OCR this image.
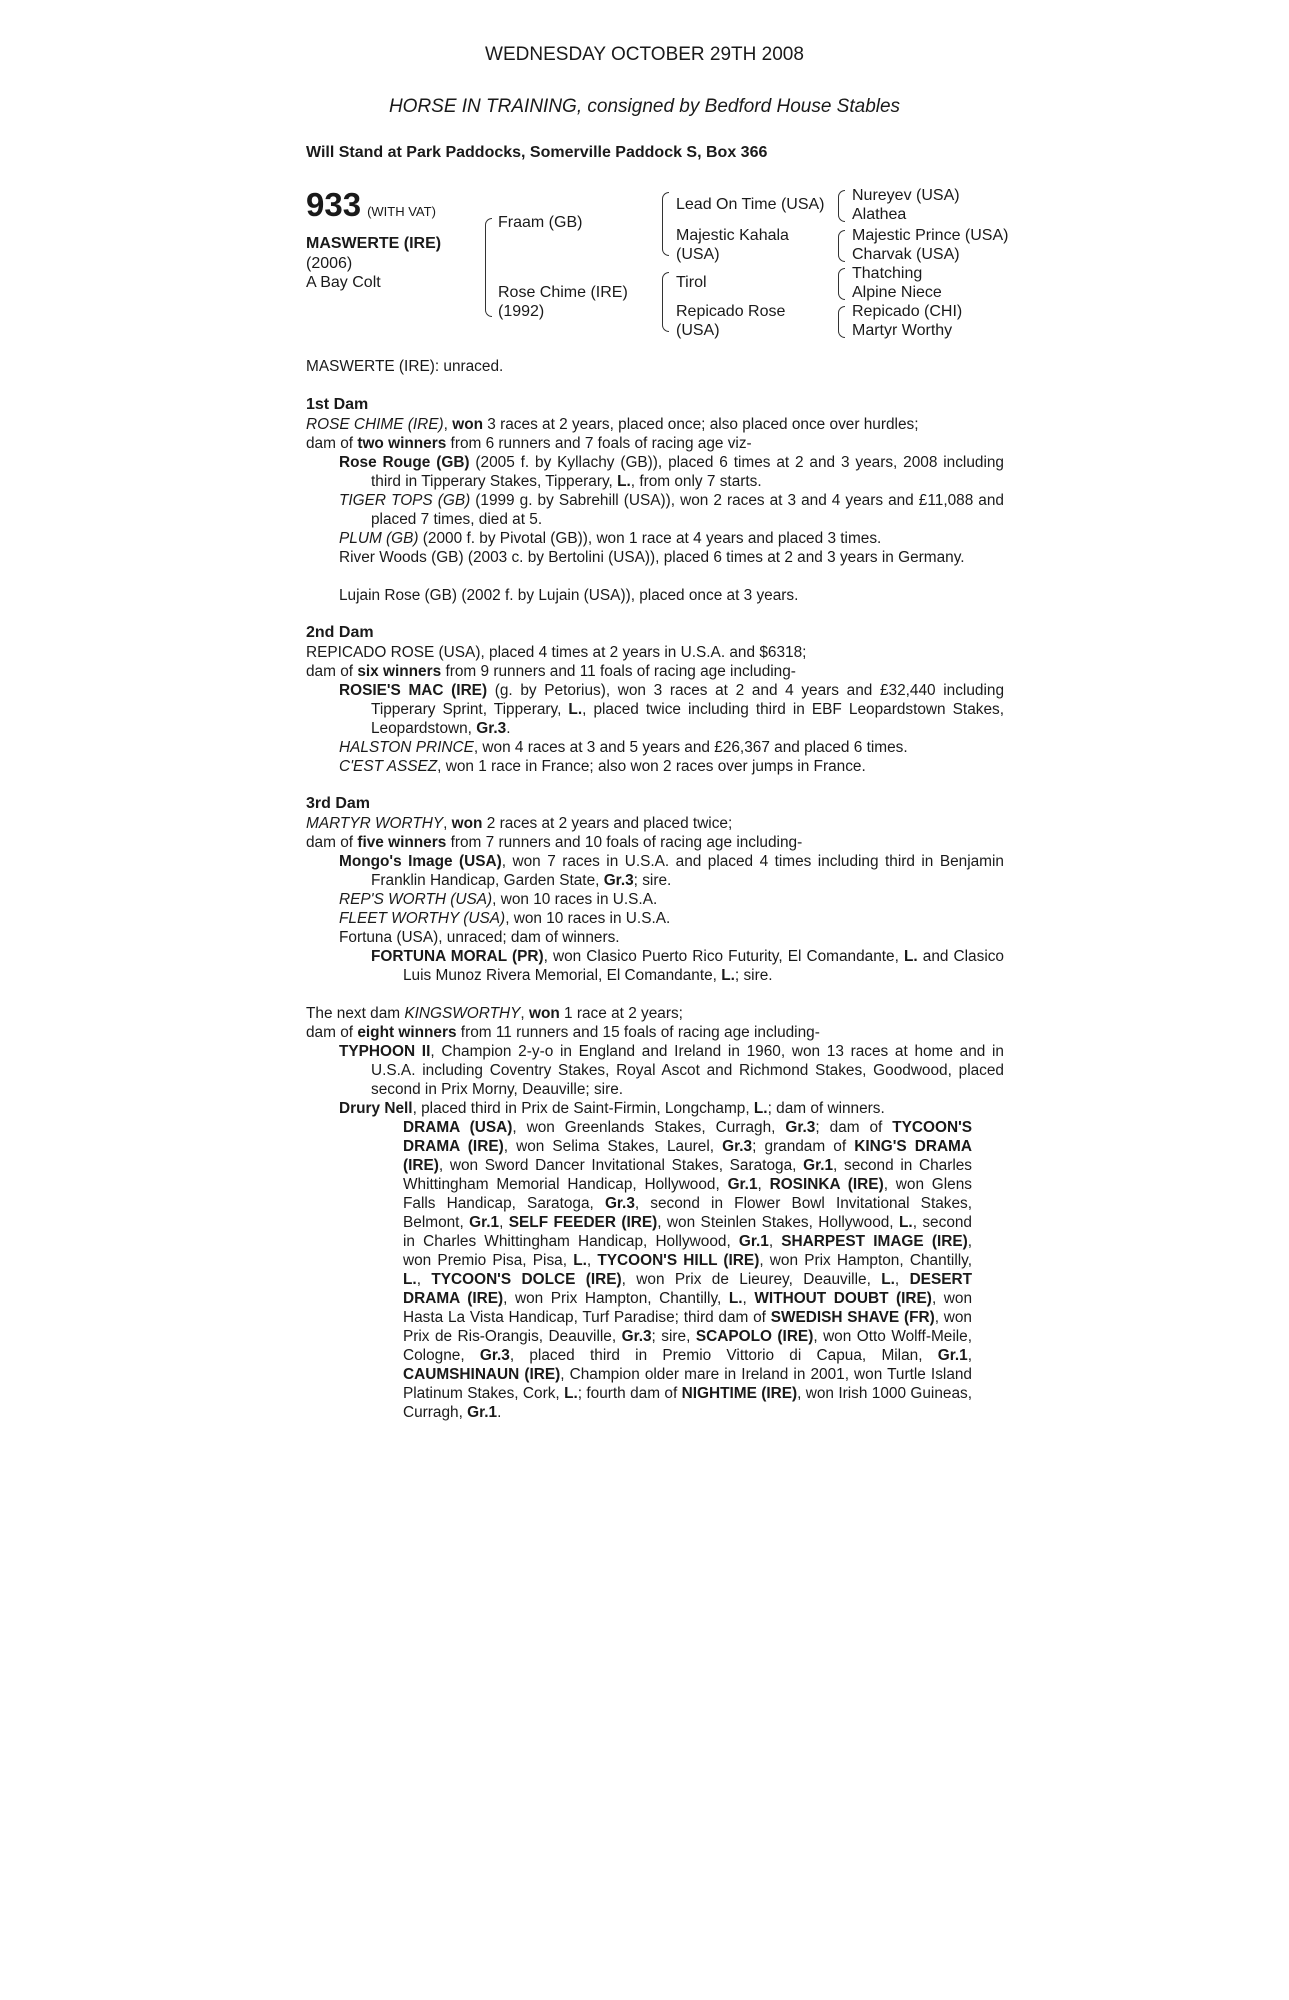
WEDNESDAY OCTOBER 29TH 2008
HORSE IN TRAINING, consigned by Bedford House Stables
Will Stand at Park Paddocks, Somerville Paddock S, Box 366
933 (WITH VAT)
MASWERTE (IRE)
(2006)
A Bay Colt
Fraam (GB)
Rose Chime (IRE)
(1992)
Lead On Time (USA)
Majestic Kahala
(USA)
Tirol
Repicado Rose
(USA)
Nureyev (USA)
Alathea
Majestic Prince (USA)
Charvak (USA)
Thatching
Alpine Niece
Repicado (CHI)
Martyr Worthy
MASWERTE (IRE): unraced.
1st Dam
ROSE CHIME (IRE), won 3 races at 2 years, placed once; also placed once over hurdles;
dam of two winners from 6 runners and 7 foals of racing age viz-
Rose Rouge (GB) (2005 f. by Kyllachy (GB)), placed 6 times at 2 and 3 years, 2008 including third in Tipperary Stakes, Tipperary, L., from only 7 starts.
TIGER TOPS (GB) (1999 g. by Sabrehill (USA)), won 2 races at 3 and 4 years and £11,088 and placed 7 times, died at 5.
PLUM (GB) (2000 f. by Pivotal (GB)), won 1 race at 4 years and placed 3 times.
River Woods (GB) (2003 c. by Bertolini (USA)), placed 6 times at 2 and 3 years in Germany.
Lujain Rose (GB) (2002 f. by Lujain (USA)), placed once at 3 years.
2nd Dam
REPICADO ROSE (USA), placed 4 times at 2 years in U.S.A. and $6318;
dam of six winners from 9 runners and 11 foals of racing age including-
ROSIE'S MAC (IRE) (g. by Petorius), won 3 races at 2 and 4 years and £32,440 including Tipperary Sprint, Tipperary, L., placed twice including third in EBF Leopardstown Stakes, Leopardstown, Gr.3.
HALSTON PRINCE, won 4 races at 3 and 5 years and £26,367 and placed 6 times.
C'EST ASSEZ, won 1 race in France; also won 2 races over jumps in France.
3rd Dam
MARTYR WORTHY, won 2 races at 2 years and placed twice;
dam of five winners from 7 runners and 10 foals of racing age including-
Mongo's Image (USA), won 7 races in U.S.A. and placed 4 times including third in Benjamin Franklin Handicap, Garden State, Gr.3; sire.
REP'S WORTH (USA), won 10 races in U.S.A.
FLEET WORTHY (USA), won 10 races in U.S.A.
Fortuna (USA), unraced; dam of winners.
FORTUNA MORAL (PR), won Clasico Puerto Rico Futurity, El Comandante, L. and Clasico Luis Munoz Rivera Memorial, El Comandante, L.; sire.
The next dam KINGSWORTHY, won 1 race at 2 years;
dam of eight winners from 11 runners and 15 foals of racing age including-
TYPHOON II, Champion 2-y-o in England and Ireland in 1960, won 13 races at home and in U.S.A. including Coventry Stakes, Royal Ascot and Richmond Stakes, Goodwood, placed second in Prix Morny, Deauville; sire.
Drury Nell, placed third in Prix de Saint-Firmin, Longchamp, L.; dam of winners.
DRAMA (USA), won Greenlands Stakes, Curragh, Gr.3; dam of TYCOON'S DRAMA (IRE), won Selima Stakes, Laurel, Gr.3; grandam of KING'S DRAMA (IRE), won Sword Dancer Invitational Stakes, Saratoga, Gr.1, second in Charles Whittingham Memorial Handicap, Hollywood, Gr.1, ROSINKA (IRE), won Glens Falls Handicap, Saratoga, Gr.3, second in Flower Bowl Invitational Stakes, Belmont, Gr.1, SELF FEEDER (IRE), won Steinlen Stakes, Hollywood, L., second in Charles Whittingham Handicap, Hollywood, Gr.1, SHARPEST IMAGE (IRE), won Premio Pisa, Pisa, L., TYCOON'S HILL (IRE), won Prix Hampton, Chantilly, L., TYCOON'S DOLCE (IRE), won Prix de Lieurey, Deauville, L., DESERT DRAMA (IRE), won Prix Hampton, Chantilly, L., WITHOUT DOUBT (IRE), won Hasta La Vista Handicap, Turf Paradise; third dam of SWEDISH SHAVE (FR), won Prix de Ris-Orangis, Deauville, Gr.3; sire, SCAPOLO (IRE), won Otto Wolff-Meile, Cologne, Gr.3, placed third in Premio Vittorio di Capua, Milan, Gr.1, CAUMSHINAUN (IRE), Champion older mare in Ireland in 2001, won Turtle Island Platinum Stakes, Cork, L.; fourth dam of NIGHTIME (IRE), won Irish 1000 Guineas, Curragh, Gr.1.
